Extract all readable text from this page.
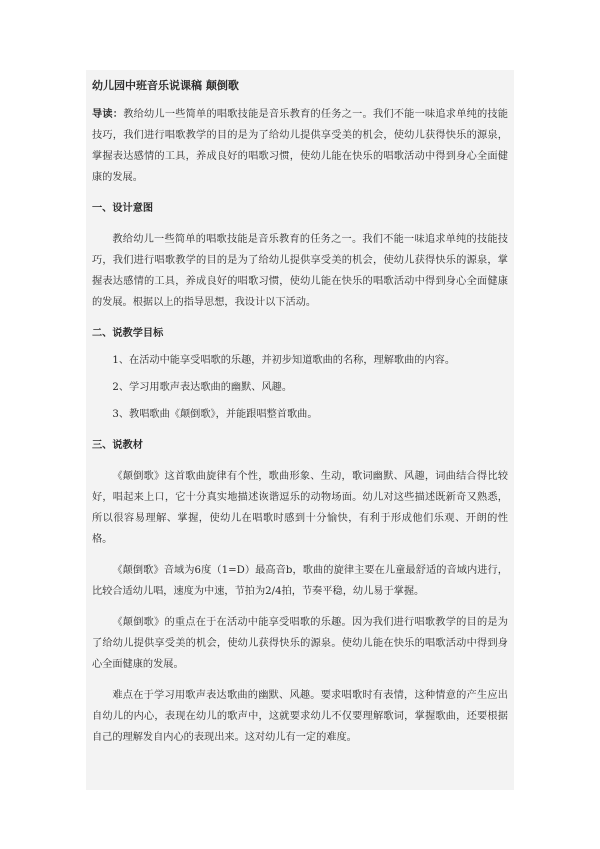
幼儿园中班音乐说课稿 颠倒歌

导读：教给幼儿一些简单的唱歌技能是音乐教育的任务之一。我们不能一味追求单纯的技能技巧，我们进行唱歌教学的目的是为了给幼儿提供享受美的机会，使幼儿获得快乐的源泉，掌握表达感情的工具，养成良好的唱歌习惯，使幼儿能在快乐的唱歌活动中得到身心全面健康的发展。

一、设计意图

教给幼儿一些简单的唱歌技能是音乐教育的任务之一。我们不能一味追求单纯的技能技巧，我们进行唱歌教学的目的是为了给幼儿提供享受美的机会，使幼儿获得快乐的源泉，掌握表达感情的工具，养成良好的唱歌习惯，使幼儿能在快乐的唱歌活动中得到身心全面健康的发展。根据以上的指导思想，我设计以下活动。

二、说教学目标

1、在活动中能享受唱歌的乐趣，并初步知道歌曲的名称，理解歌曲的内容。

2、学习用歌声表达歌曲的幽默、风趣。

3、教唱歌曲《颠倒歌》，并能跟唱整首歌曲。

三、说教材

《颠倒歌》这首歌曲旋律有个性，歌曲形象、生动，歌词幽默、风趣，词曲结合得比较好，唱起来上口，它十分真实地描述诙谐逗乐的动物场面。幼儿对这些描述既新奇又熟悉，所以很容易理解、掌握，使幼儿在唱歌时感到十分愉快，有利于形成他们乐观、开朗的性格。

《颠倒歌》音域为6度（1=D）最高音b，歌曲的旋律主要在儿童最舒适的音域内进行，比较合适幼儿唱，速度为中速，节拍为2/4拍，节奏平稳，幼儿易于掌握。

《颠倒歌》的重点在于在活动中能享受唱歌的乐趣。因为我们进行唱歌教学的目的是为了给幼儿提供享受美的机会，使幼儿获得快乐的源泉。使幼儿能在快乐的唱歌活动中得到身心全面健康的发展。

难点在于学习用歌声表达歌曲的幽默、风趣。要求唱歌时有表情，这种情意的产生应出自幼儿的内心，表现在幼儿的歌声中，这就要求幼儿不仅要理解歌词，掌握歌曲，还要根据自己的理解发自内心的表现出来。这对幼儿有一定的难度。
